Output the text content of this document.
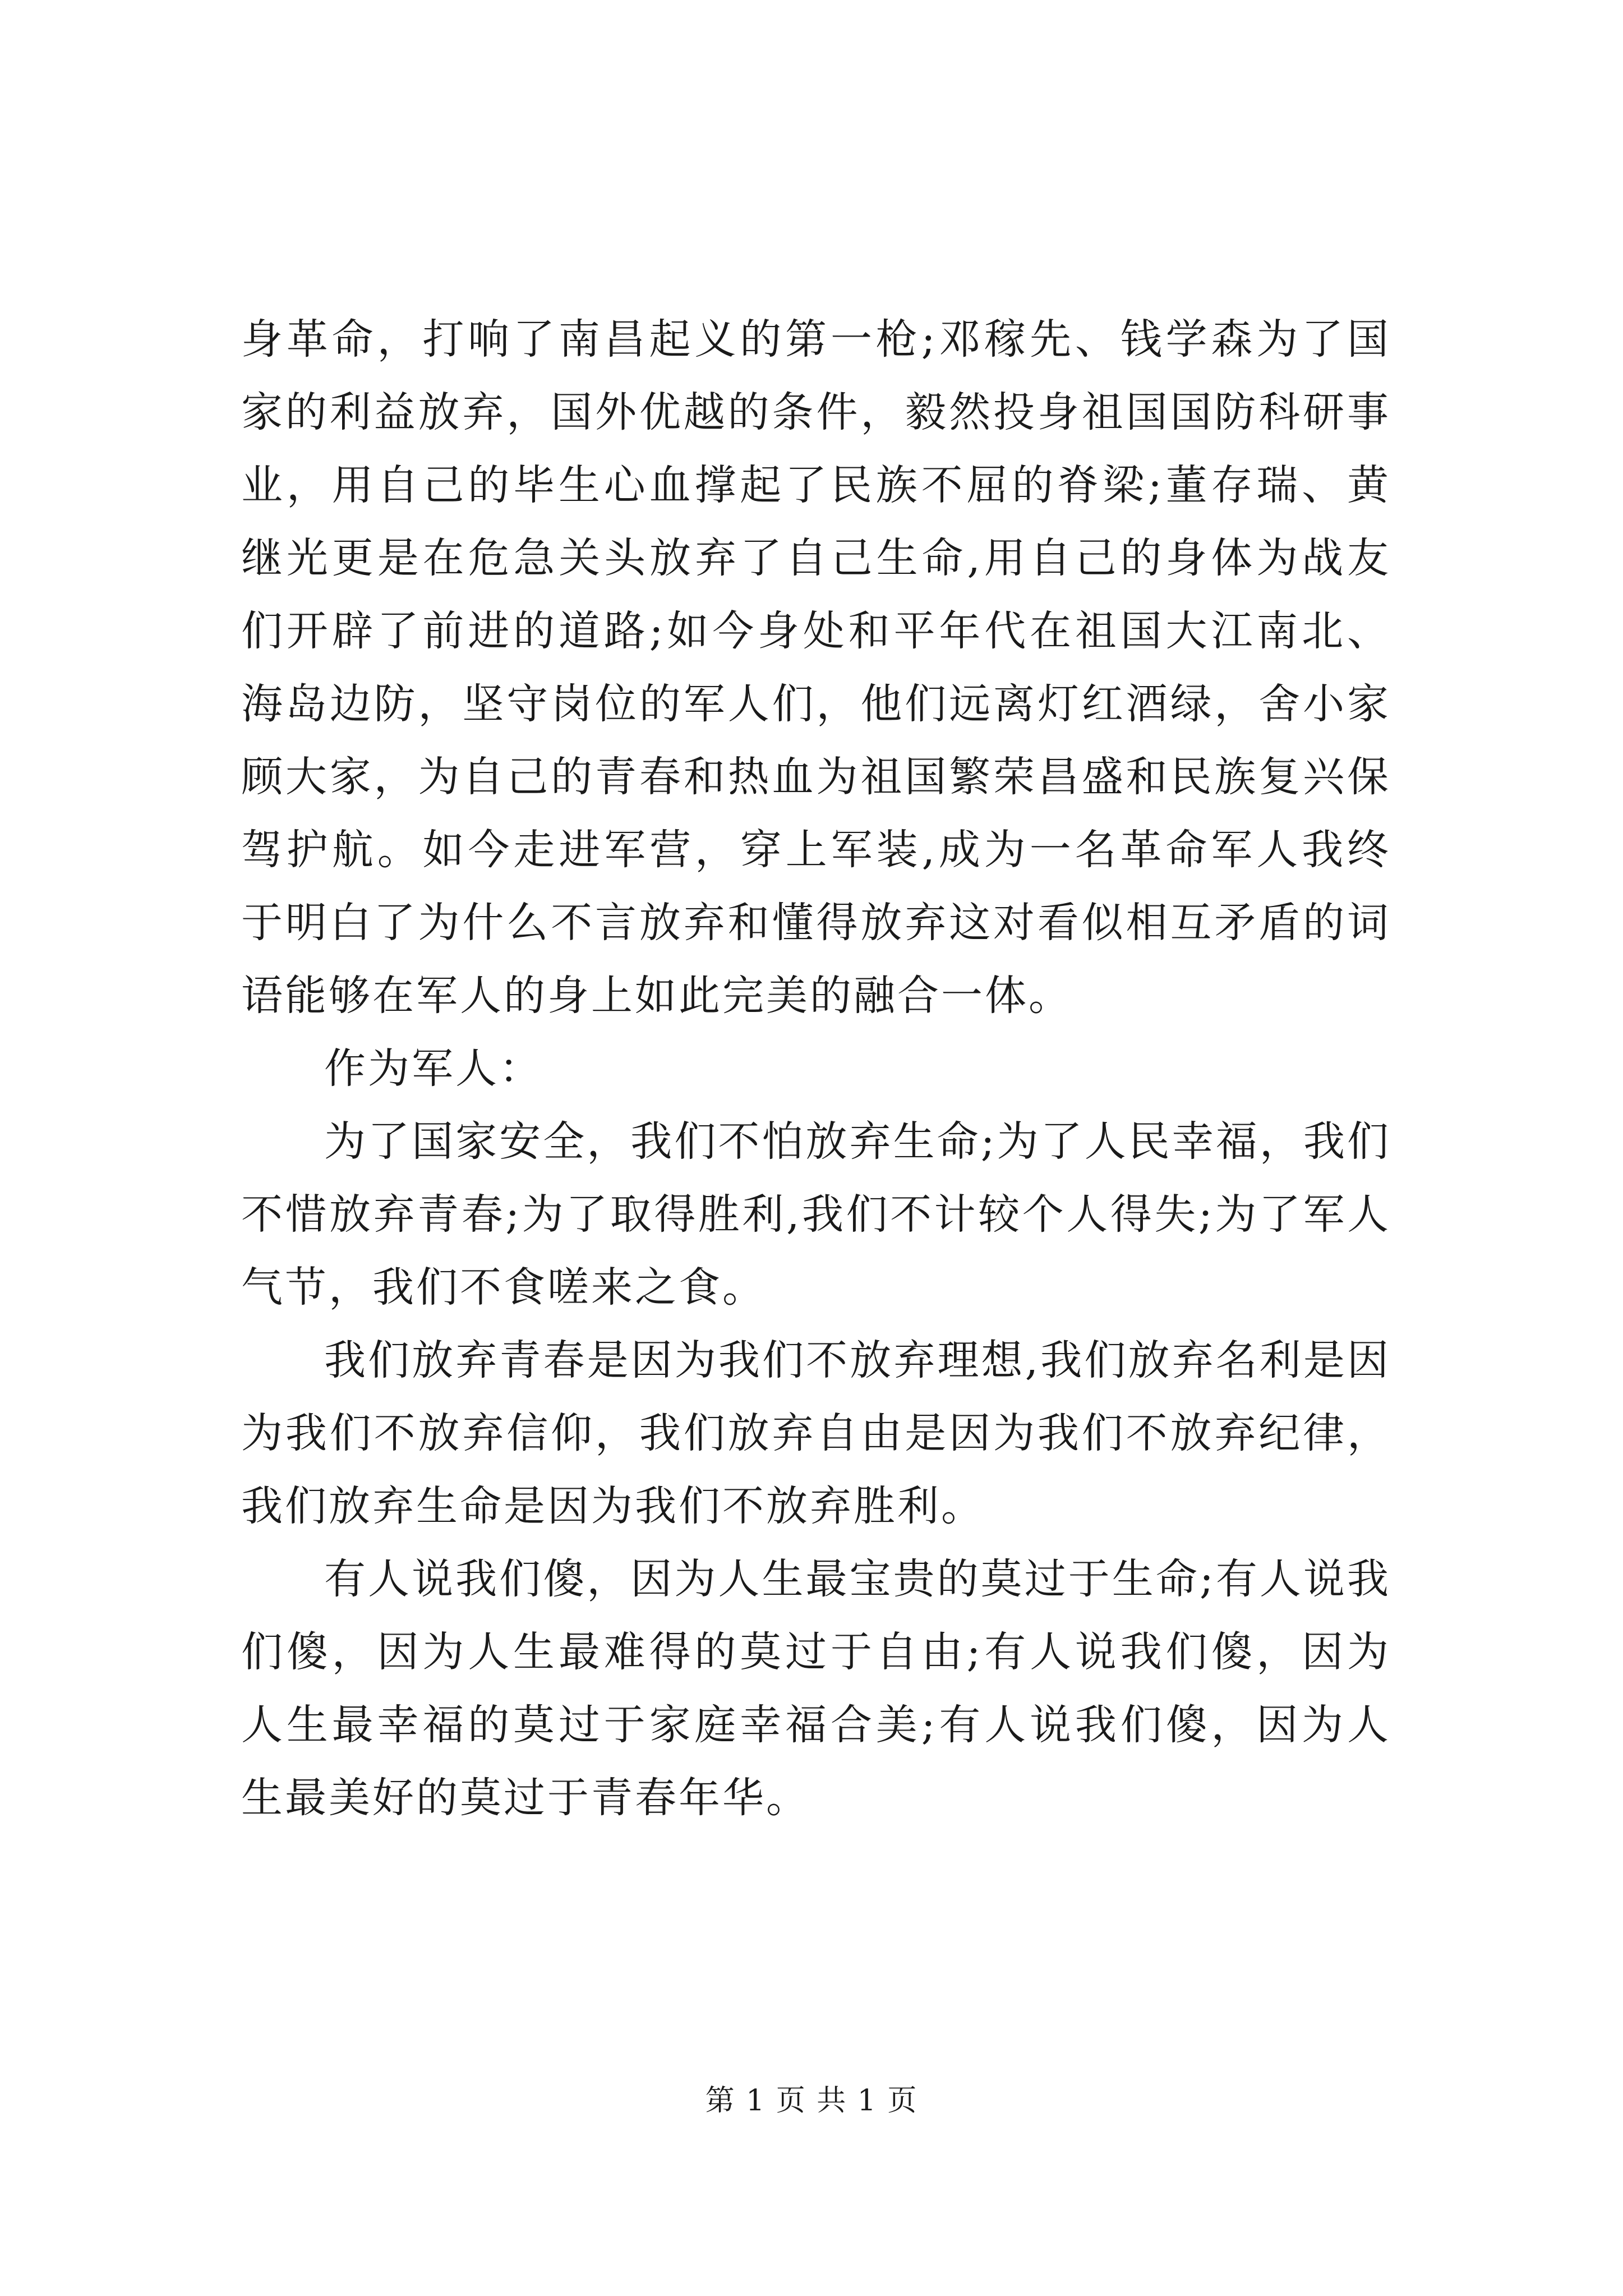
身革命，打响了南昌起义的第一枪;邓稼先、钱学森为了国家的利益放弃，国外优越的条件，毅然投身祖国国防科研事业，用自己的毕生心血撑起了民族不屈的脊梁;董存瑞、黄继光更是在危急关头放弃了自己生命,用自己的身体为战友们开辟了前进的道路;如今身处和平年代在祖国大江南北、海岛边防，坚守岗位的军人们，他们远离灯红酒绿，舍小家顾大家，为自己的青春和热血为祖国繁荣昌盛和民族复兴保驾护航。如今走进军营，穿上军装,成为一名革命军人我终于明白了为什么不言放弃和懂得放弃这对看似相互矛盾的词语能够在军人的身上如此完美的融合一体。

作为军人：

为了国家安全，我们不怕放弃生命;为了人民幸福，我们不惜放弃青春;为了取得胜利,我们不计较个人得失;为了军人气节，我们不食嗟来之食。

我们放弃青春是因为我们不放弃理想,我们放弃名利是因为我们不放弃信仰，我们放弃自由是因为我们不放弃纪律，我们放弃生命是因为我们不放弃胜利。

有人说我们傻，因为人生最宝贵的莫过于生命;有人说我们傻，因为人生最难得的莫过于自由;有人说我们傻，因为人生最幸福的莫过于家庭幸福合美;有人说我们傻，因为人生最美好的莫过于青春年华。

第 1 页 共 1 页
